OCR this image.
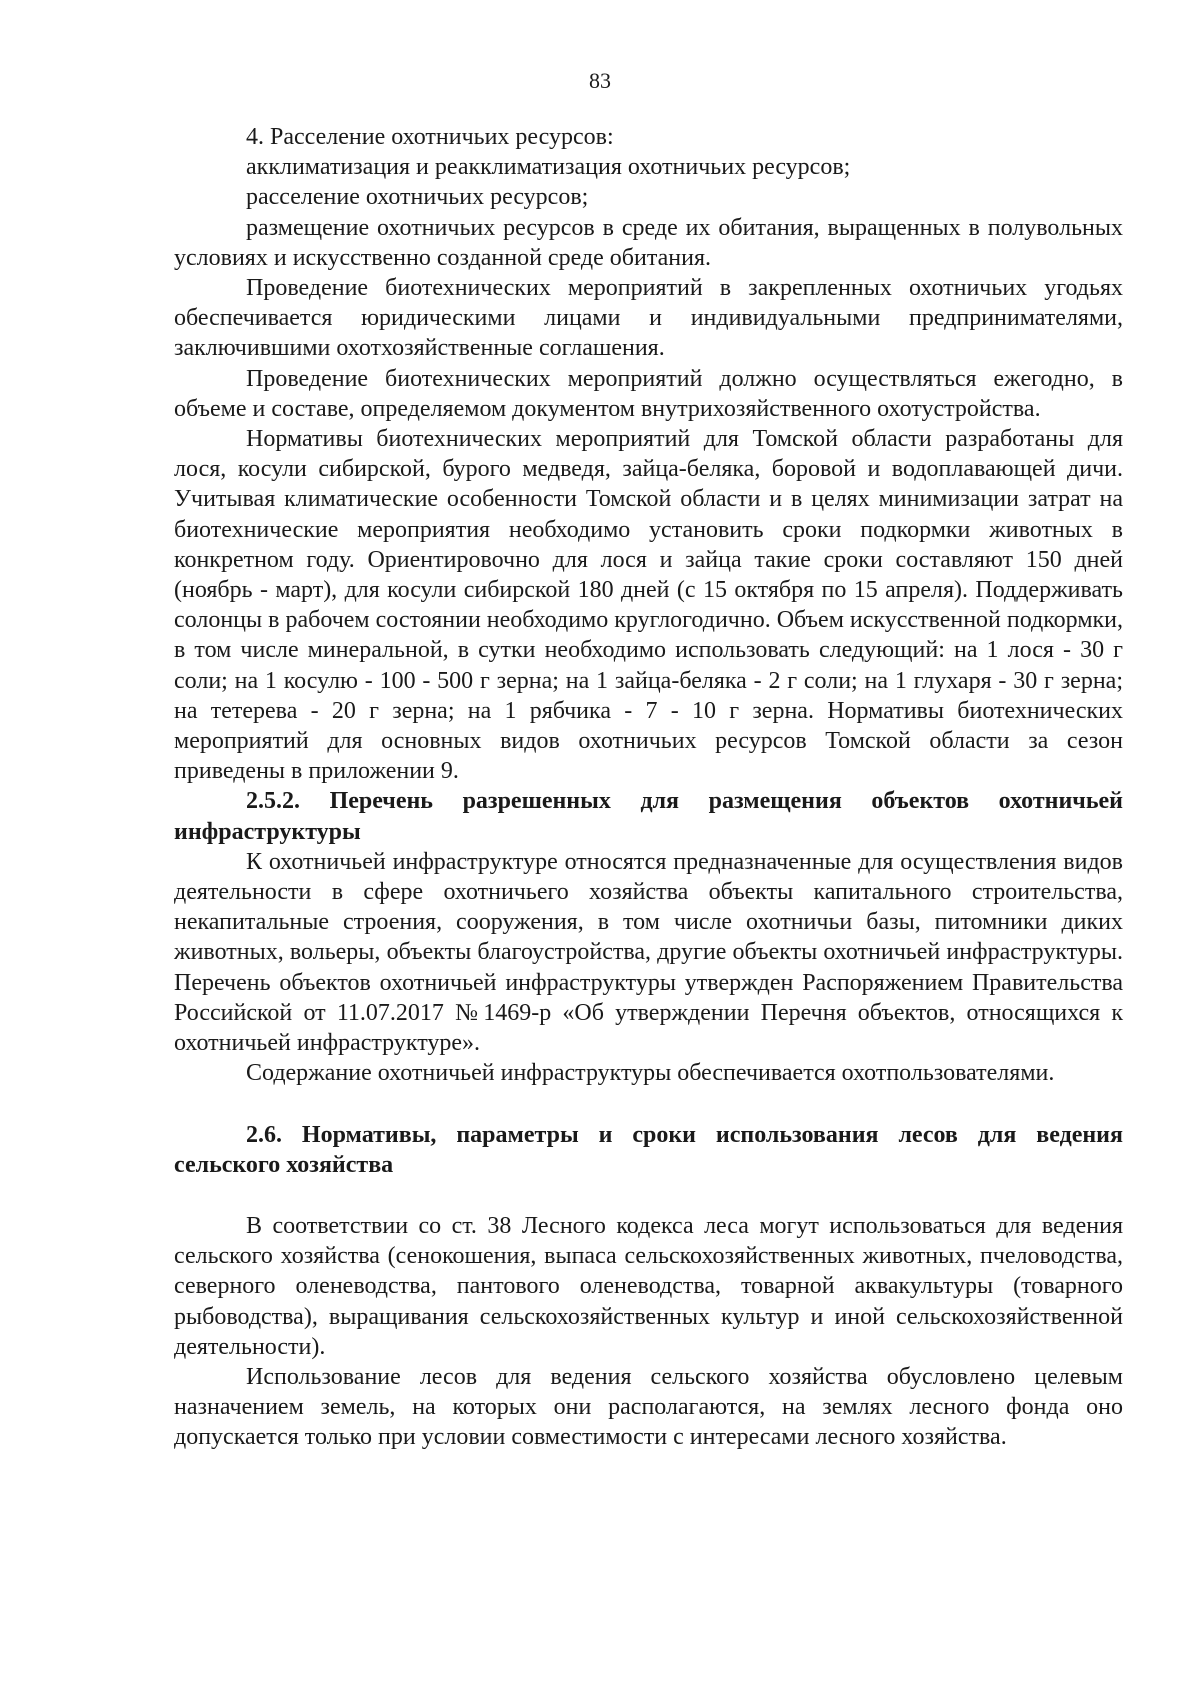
83

4. Расселение охотничьих ресурсов:

акклиматизация и реакклиматизация охотничьих ресурсов;

расселение охотничьих ресурсов;

размещение охотничьих ресурсов в среде их обитания, выращенных в полувольных условиях и искусственно созданной среде обитания.

Проведение биотехнических мероприятий в закрепленных охотничьих угодьях обеспечивается юридическими лицами и индивидуальными предпринимателями, заключившими охотхозяйственные соглашения.

Проведение биотехнических мероприятий должно осуществляться ежегодно, в объеме и составе, определяемом документом внутрихозяйственного охотустройства.

Нормативы биотехнических мероприятий для Томской области разработаны для лося, косули сибирской, бурого медведя, зайца-беляка, боровой и водоплавающей дичи. Учитывая климатические особенности Томской области и в целях минимизации затрат на биотехнические мероприятия необходимо установить сроки подкормки животных в конкретном году. Ориентировочно для лося и зайца такие сроки составляют 150 дней (ноябрь - март), для косули сибирской 180 дней (с 15 октября по 15 апреля). Поддерживать солонцы в рабочем состоянии необходимо круглогодично. Объем искусственной подкормки, в том числе минеральной, в сутки необходимо использовать следующий: на 1 лося - 30 г соли; на 1 косулю - 100 - 500 г зерна; на 1 зайца-беляка - 2 г соли; на 1 глухаря - 30 г зерна; на тетерева - 20 г зерна; на 1 рябчика - 7 - 10 г зерна. Нормативы биотехнических мероприятий для основных видов охотничьих ресурсов Томской области за сезон приведены в приложении 9.

2.5.2. Перечень разрешенных для размещения объектов охотничьей инфраструктуры

К охотничьей инфраструктуре относятся предназначенные для осуществления видов деятельности в сфере охотничьего хозяйства объекты капитального строительства, некапитальные строения, сооружения, в том числе охотничьи базы, питомники диких животных, вольеры, объекты благоустройства, другие объекты охотничьей инфраструктуры. Перечень объектов охотничьей инфраструктуры утвержден Распоряжением Правительства Российской от 11.07.2017 №1469-р «Об утверждении Перечня объектов, относящихся к охотничьей инфраструктуре».

Содержание охотничьей инфраструктуры обеспечивается охотпользователями.

2.6. Нормативы, параметры и сроки использования лесов для ведения сельского хозяйства

В соответствии со ст. 38 Лесного кодекса леса могут использоваться для ведения сельского хозяйства (сенокошения, выпаса сельскохозяйственных животных, пчеловодства, северного оленеводства, пантового оленеводства, товарной аквакультуры (товарного рыбоводства), выращивания сельскохозяйственных культур и иной сельскохозяйственной деятельности).

Использование лесов для ведения сельского хозяйства обусловлено целевым назначением земель, на которых они располагаются, на землях лесного фонда оно допускается только при условии совместимости с интересами лесного хозяйства.
